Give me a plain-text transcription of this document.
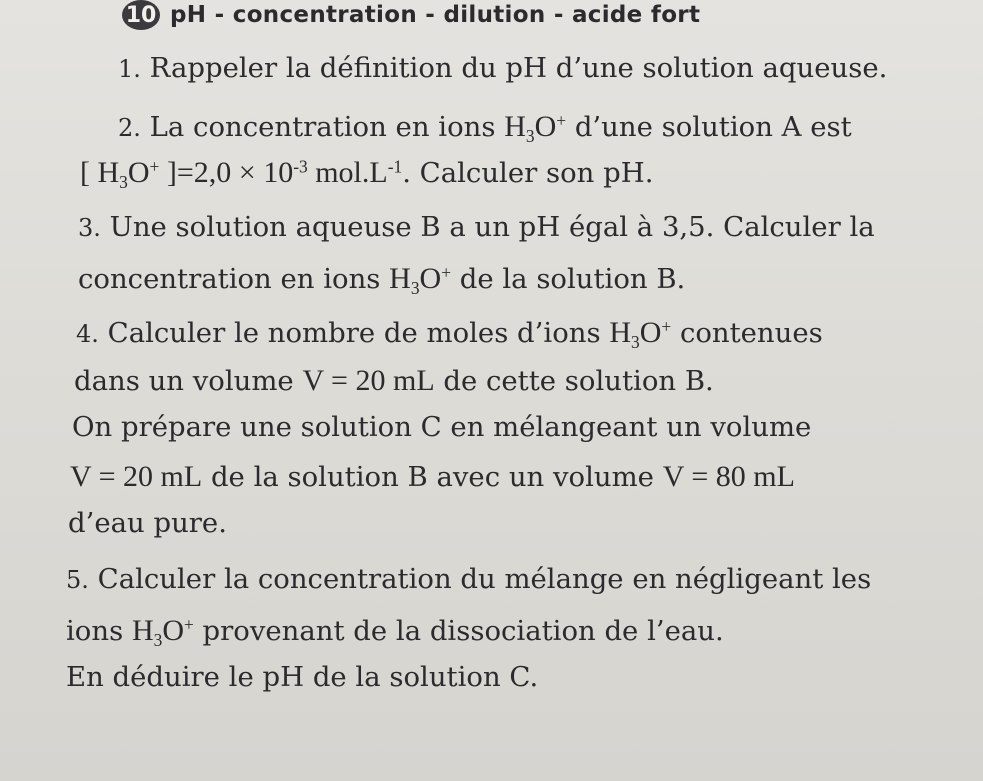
10 pH - concentration - dilution - acide fort
1. Rappeler la définition du pH d’une solution aqueuse.
2. La concentration en ions $H_3O^+$ d’une solution A est
[ $H_3O^+$ ]$=2,0 \times 10^{-3}$ $mol.L^{-1}$. Calculer son pH.
3. Une solution aqueuse B a un pH égal à 3,5. Calculer la
concentration en ions $H_3O^+$ de la solution B.
4. Calculer le nombre de moles d’ions $H_3O^+$ contenues
dans un volume V = 20 mL de cette solution B.
On prépare une solution C en mélangeant un volume
V = 20 mL de la solution B avec un volume V = 80 mL
d’eau pure.
5. Calculer la concentration du mélange en négligeant les
ions $H_3O^+$ provenant de la dissociation de l’eau.
En déduire le pH de la solution C.
